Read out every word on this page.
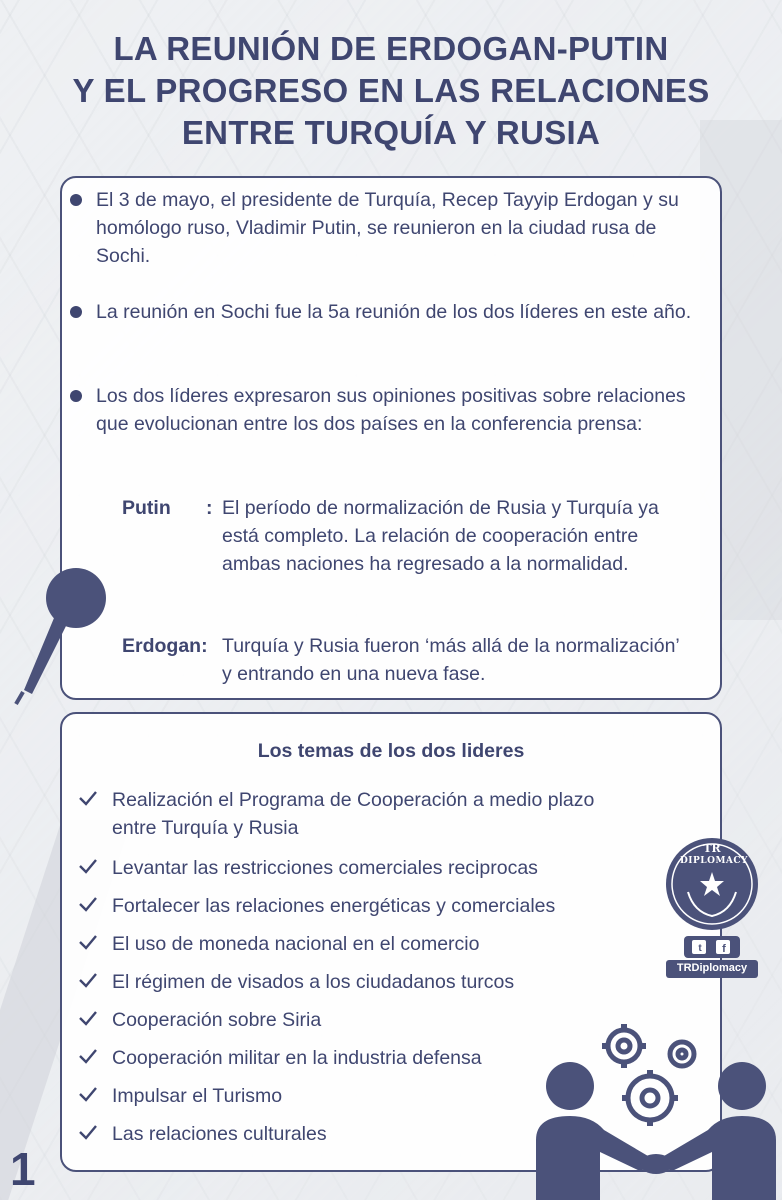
LA REUNIÓN DE ERDOGAN-PUTIN
Y EL PROGRESO EN LAS RELACIONES
ENTRE TURQUÍA Y RUSIA
El 3 de mayo, el presidente de Turquía, Recep Tayyip Erdogan y su homólogo ruso, Vladimir Putin, se reunieron en la ciudad rusa de Sochi.
La reunión en Sochi fue la 5a reunión de los dos líderes en este año.
Los dos líderes expresaron sus opiniones positivas sobre relaciones que evolucionan entre los dos países en la conferencia prensa:
Putin	: El período de normalización de Rusia y Turquía ya está completo. La relación de cooperación entre ambas naciones ha regresado a la normalidad.
Erdogan: Turquía y Rusia fueron ‘más allá de la normalización’ y entrando en una nueva fase.
Los temas de los dos lideres
Realización el Programa de Cooperación a medio plazo entre Turquía y Rusia
Levantar las restricciones comerciales reciprocas
Fortalecer las relaciones energéticas y comerciales
El uso de moneda nacional en el comercio
El régimen de visados a los ciudadanos turcos
Cooperación sobre Siria
Cooperación militar en la industria defensa
Impulsar el Turismo
Las relaciones culturales
TR
DIPLOMACY
t	f
TRDiplomacy
1
